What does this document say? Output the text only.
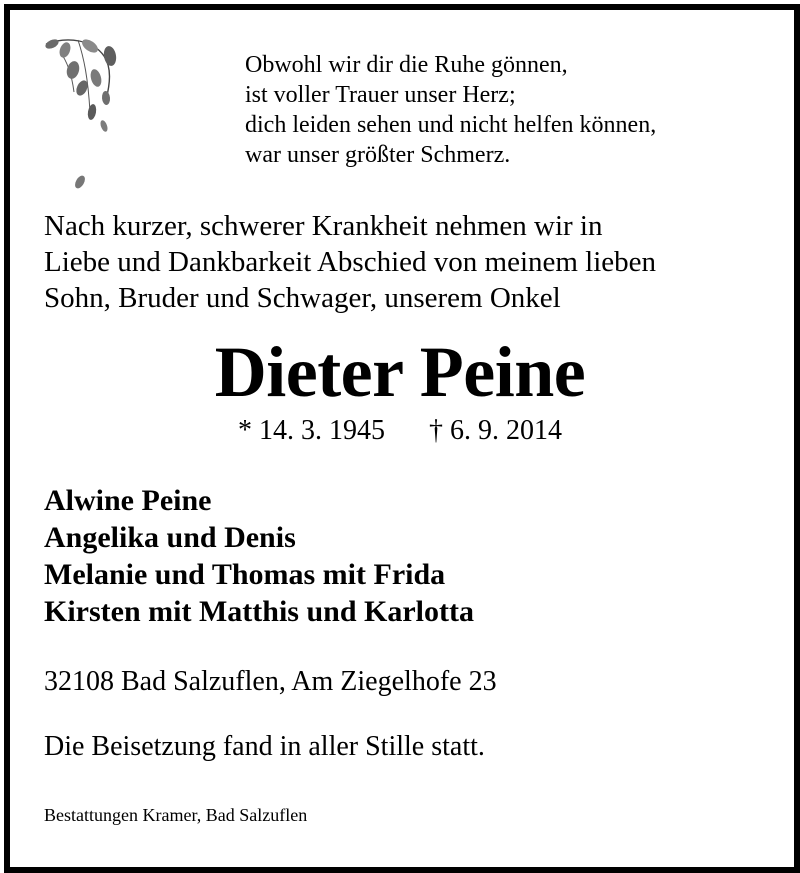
Obwohl wir dir die Ruhe gönnen,
ist voller Trauer unser Herz;
dich leiden sehen und nicht helfen können,
war unser größter Schmerz.
Nach kurzer, schwerer Krankheit nehmen wir in
Liebe und Dankbarkeit Abschied von meinem lieben
Sohn, Bruder und Schwager, unserem Onkel
Dieter Peine
* 14. 3. 1945 † 6. 9. 2014
Alwine Peine
Angelika und Denis
Melanie und Thomas mit Frida
Kirsten mit Matthis und Karlotta
32108 Bad Salzuflen, Am Ziegelhofe 23
Die Beisetzung fand in aller Stille statt.
Bestattungen Kramer, Bad Salzuflen
